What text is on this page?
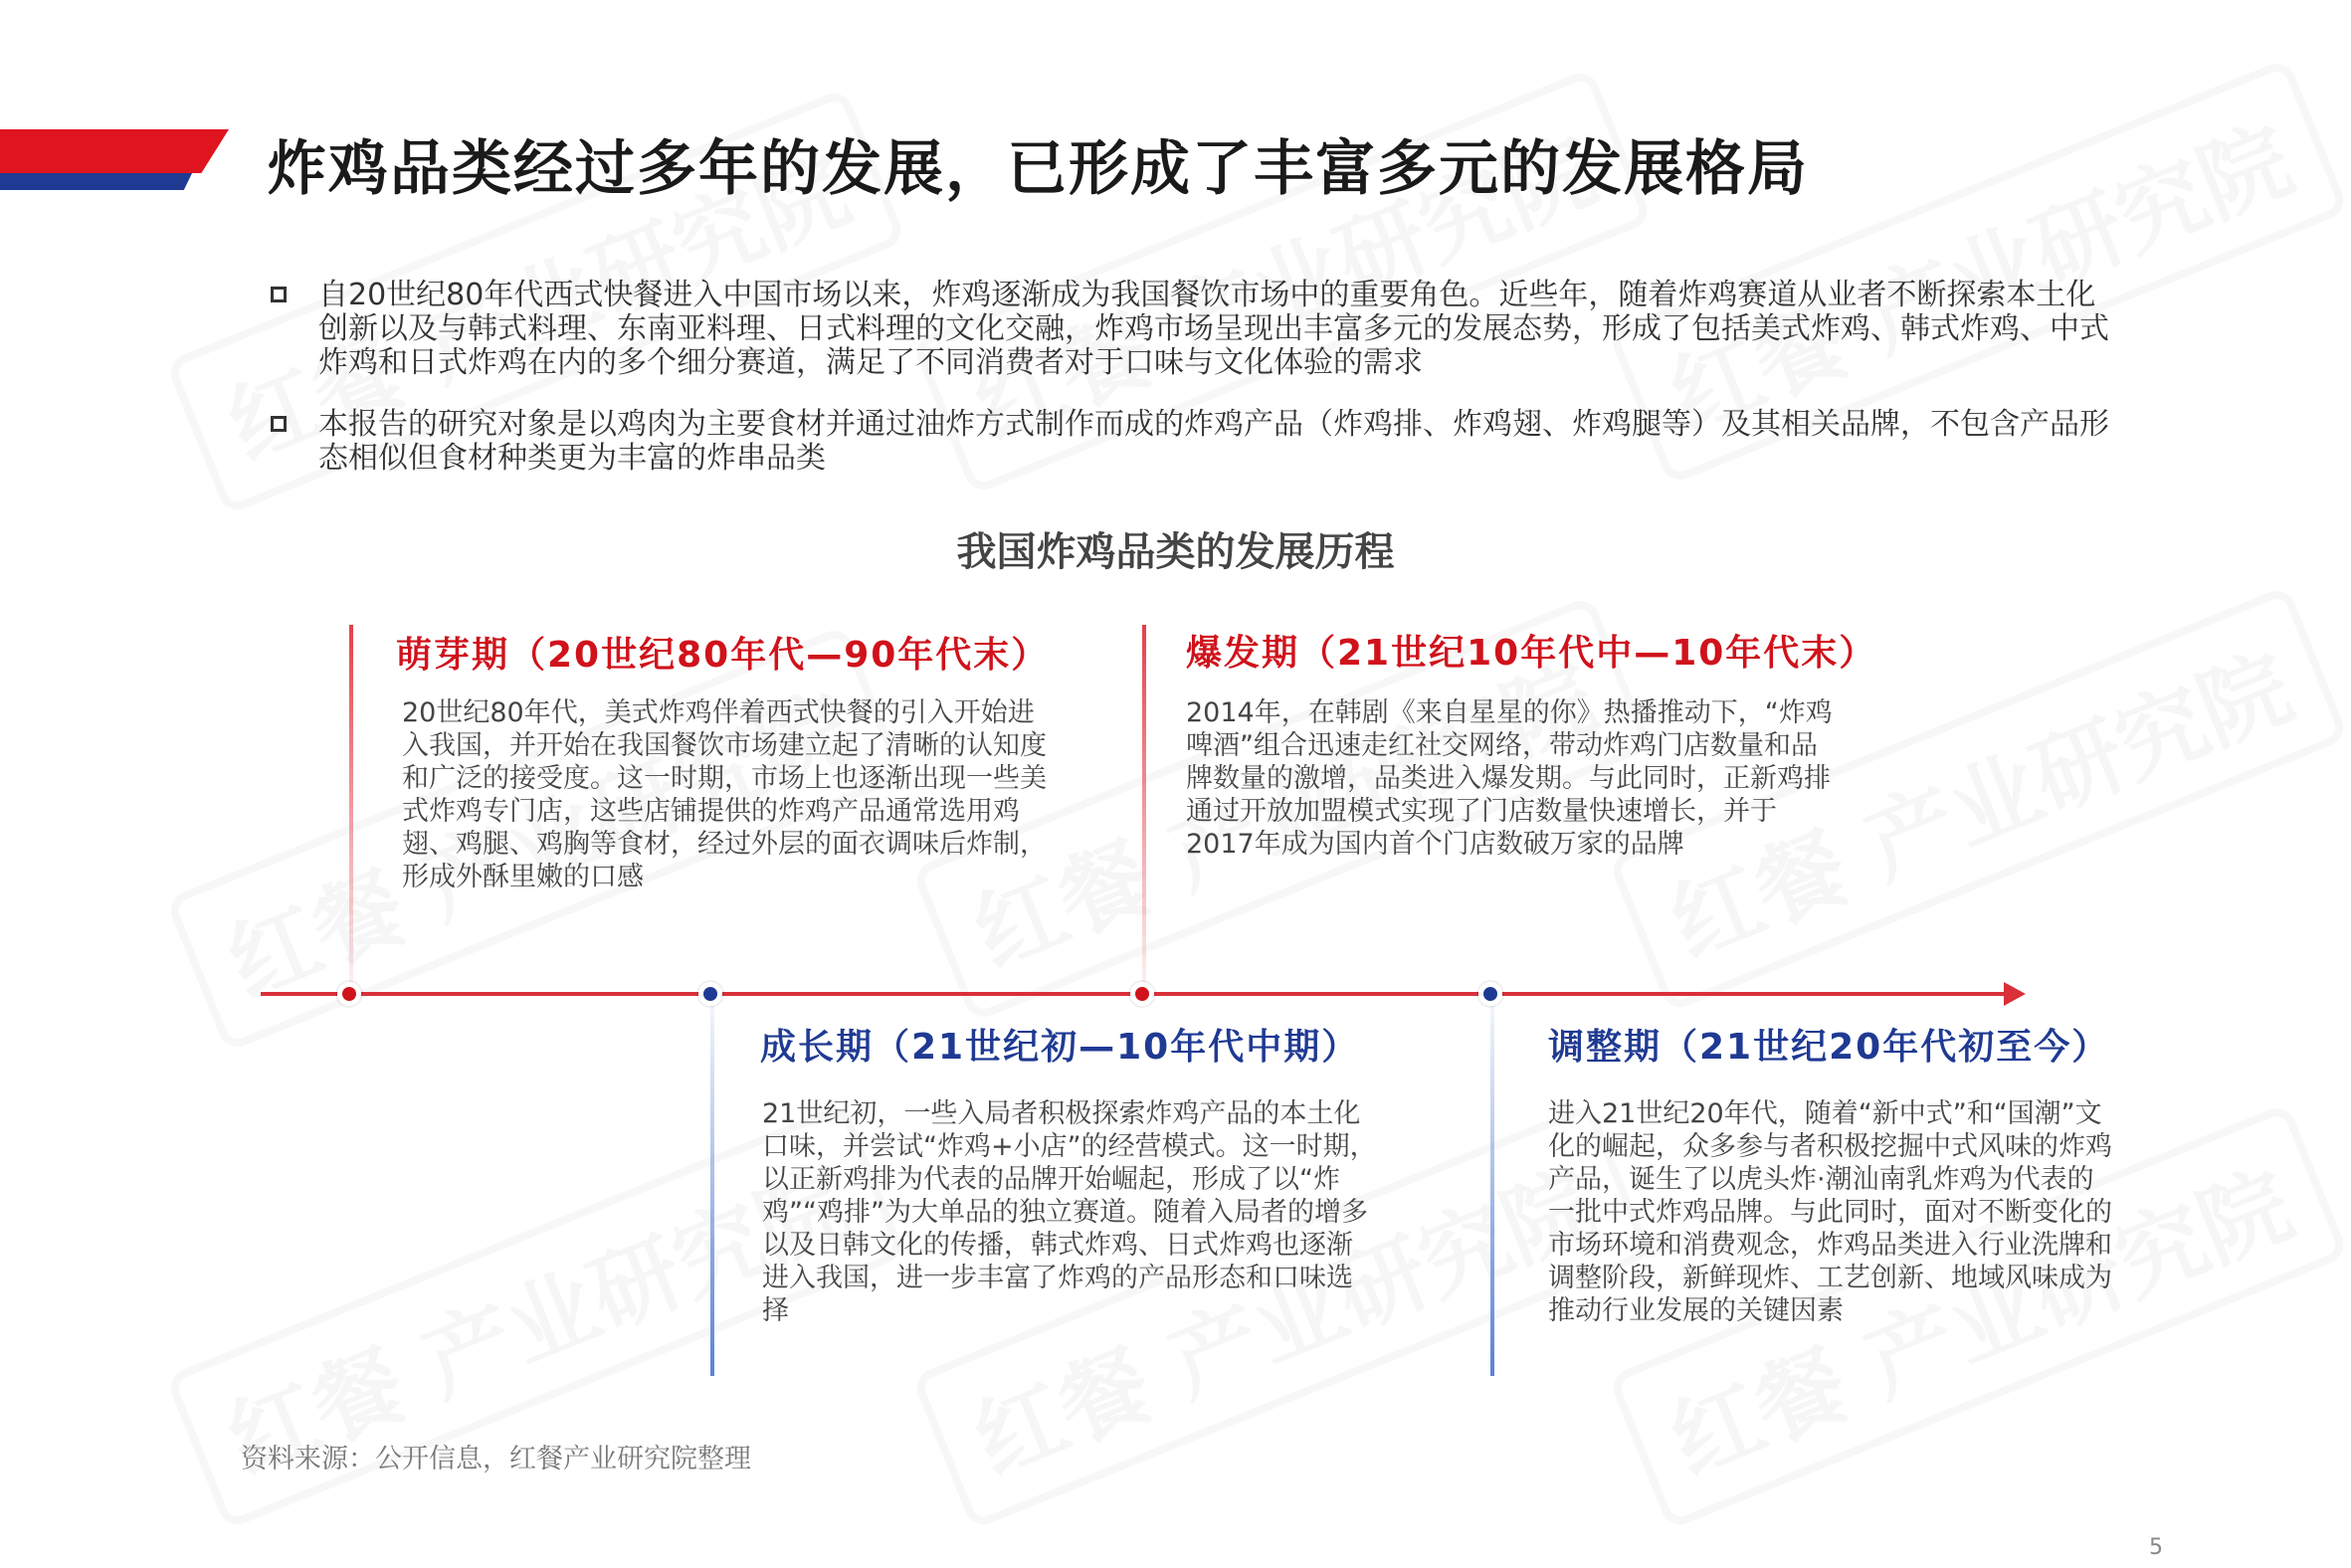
炸鸡品类经过多年的发展，已形成了丰富多元的发展格局
自20世纪80年代西式快餐进入中国市场以来，炸鸡逐渐成为我国餐饮市场中的重要角色。近些年，随着炸鸡赛道从业者不断探索本土化创新以及与韩式料理、东南亚料理、日式料理的文化交融，炸鸡市场呈现出丰富多元的发展态势，形成了包括美式炸鸡、韩式炸鸡、中式炸鸡和日式炸鸡在内的多个细分赛道，满足了不同消费者对于口味与文化体验的需求
本报告的研究对象是以鸡肉为主要食材并通过油炸方式制作而成的炸鸡产品（炸鸡排、炸鸡翅、炸鸡腿等）及其相关品牌，不包含产品形态相似但食材种类更为丰富的炸串品类
我国炸鸡品类的发展历程
萌芽期（20世纪80年代—90年代末）
20世纪80年代，美式炸鸡伴着西式快餐的引入开始进入我国，并开始在我国餐饮市场建立起了清晰的认知度和广泛的接受度。这一时期，市场上也逐渐出现一些美式炸鸡专门店，这些店铺提供的炸鸡产品通常选用鸡翅、鸡腿、鸡胸等食材，经过外层的面衣调味后炸制，形成外酥里嫩的口感
爆发期（21世纪10年代中—10年代末）
2014年，在韩剧《来自星星的你》热播推动下，“炸鸡啤酒”组合迅速走红社交网络，带动炸鸡门店数量和品牌数量的激增，品类进入爆发期。与此同时，正新鸡排通过开放加盟模式实现了门店数量快速增长，并于2017年成为国内首个门店数破万家的品牌
成长期（21世纪初—10年代中期）
21世纪初，一些入局者积极探索炸鸡产品的本土化口味，并尝试“炸鸡+小店”的经营模式。这一时期，以正新鸡排为代表的品牌开始崛起，形成了以“炸鸡”“鸡排”为大单品的独立赛道。随着入局者的增多以及日韩文化的传播，韩式炸鸡、日式炸鸡也逐渐进入我国，进一步丰富了炸鸡的产品形态和口味选择
调整期（21世纪20年代初至今）
进入21世纪20年代，随着“新中式”和“国潮”文化的崛起，众多参与者积极挖掘中式风味的炸鸡产品，诞生了以虎头炸·潮汕南乳炸鸡为代表的一批中式炸鸡品牌。与此同时，面对不断变化的市场环境和消费观念，炸鸡品类进入行业洗牌和调整阶段，新鲜现炸、工艺创新、地域风味成为推动行业发展的关键因素
资料来源：公开信息，红餐产业研究院整理
5
